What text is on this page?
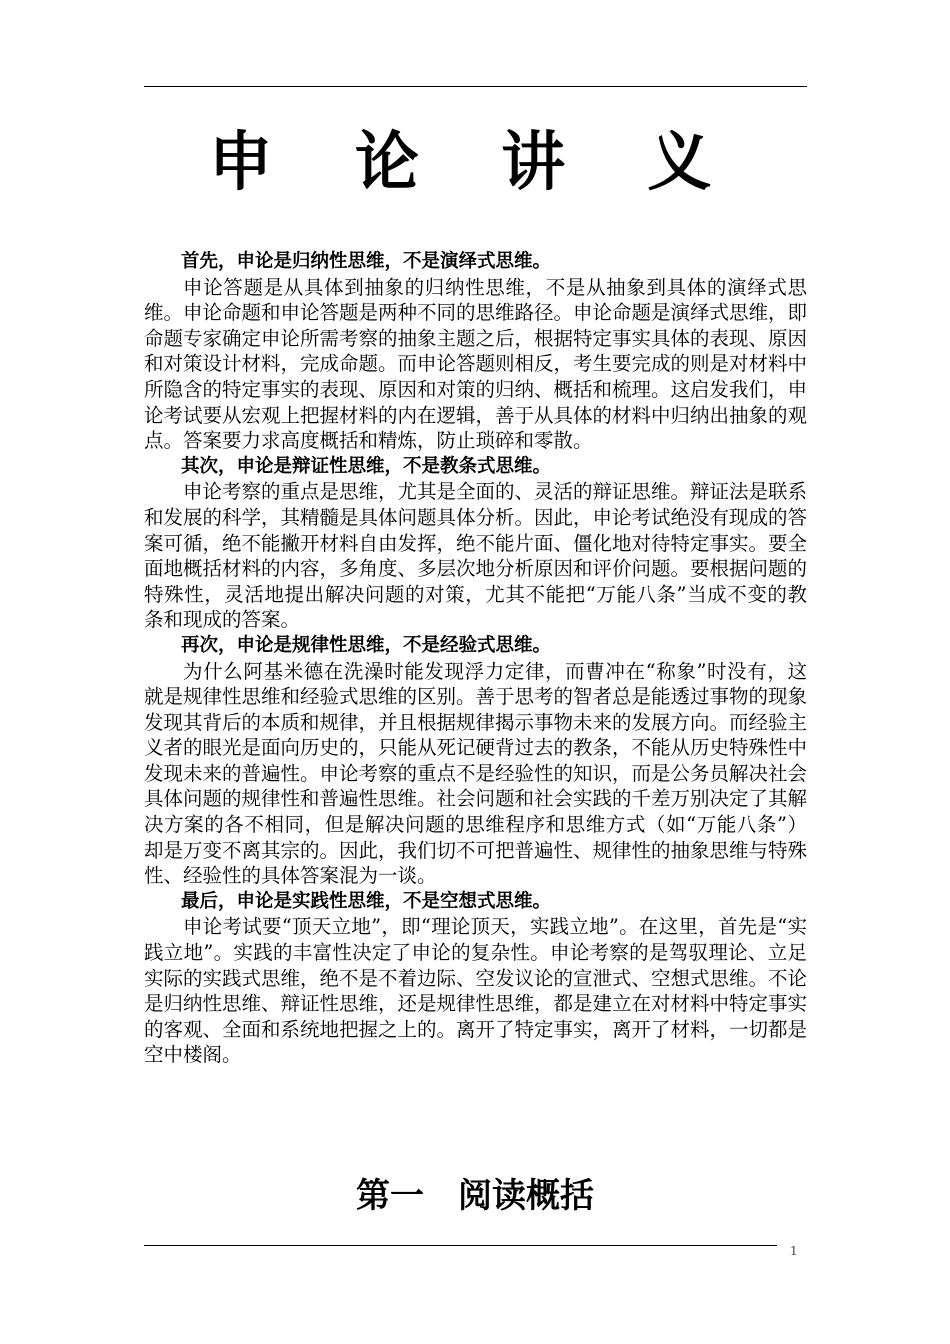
申 论 讲 义

首先，申论是归纳性思维，不是演绎式思维。

申论答题是从具体到抽象的归纳性思维，不是从抽象到具体的演绎式思维。申论命题和申论答题是两种不同的思维路径。申论命题是演绎式思维，即命题专家确定申论所需考察的抽象主题之后，根据特定事实具体的表现、原因和对策设计材料，完成命题。而申论答题则相反，考生要完成的则是对材料中所隐含的特定事实的表现、原因和对策的归纳、概括和梳理。这启发我们，申论考试要从宏观上把握材料的内在逻辑，善于从具体的材料中归纳出抽象的观点。答案要力求高度概括和精炼，防止琐碎和零散。

其次，申论是辩证性思维，不是教条式思维。

申论考察的重点是思维，尤其是全面的、灵活的辩证思维。辩证法是联系和发展的科学，其精髓是具体问题具体分析。因此，申论考试绝没有现成的答案可循，绝不能撇开材料自由发挥，绝不能片面、僵化地对待特定事实。要全面地概括材料的内容，多角度、多层次地分析原因和评价问题。要根据问题的特殊性，灵活地提出解决问题的对策，尤其不能把“万能八条”当成不变的教条和现成的答案。

再次，申论是规律性思维，不是经验式思维。

为什么阿基米德在洗澡时能发现浮力定律，而曹冲在“称象”时没有，这就是规律性思维和经验式思维的区别。善于思考的智者总是能透过事物的现象发现其背后的本质和规律，并且根据规律揭示事物未来的发展方向。而经验主义者的眼光是面向历史的，只能从死记硬背过去的教条，不能从历史特殊性中发现未来的普遍性。申论考察的重点不是经验性的知识，而是公务员解决社会具体问题的规律性和普遍性思维。社会问题和社会实践的千差万别决定了其解决方案的各不相同，但是解决问题的思维程序和思维方式（如“万能八条”）却是万变不离其宗的。因此，我们切不可把普遍性、规律性的抽象思维与特殊性、经验性的具体答案混为一谈。

最后，申论是实践性思维，不是空想式思维。

申论考试要“顶天立地”，即“理论顶天，实践立地”。在这里，首先是“实践立地”。实践的丰富性决定了申论的复杂性。申论考察的是驾驭理论、立足实际的实践式思维，绝不是不着边际、空发议论的宣泄式、空想式思维。不论是归纳性思维、辩证性思维，还是规律性思维，都是建立在对材料中特定事实的客观、全面和系统地把握之上的。离开了特定事实，离开了材料，一切都是空中楼阁。

第一　阅读概括
1
